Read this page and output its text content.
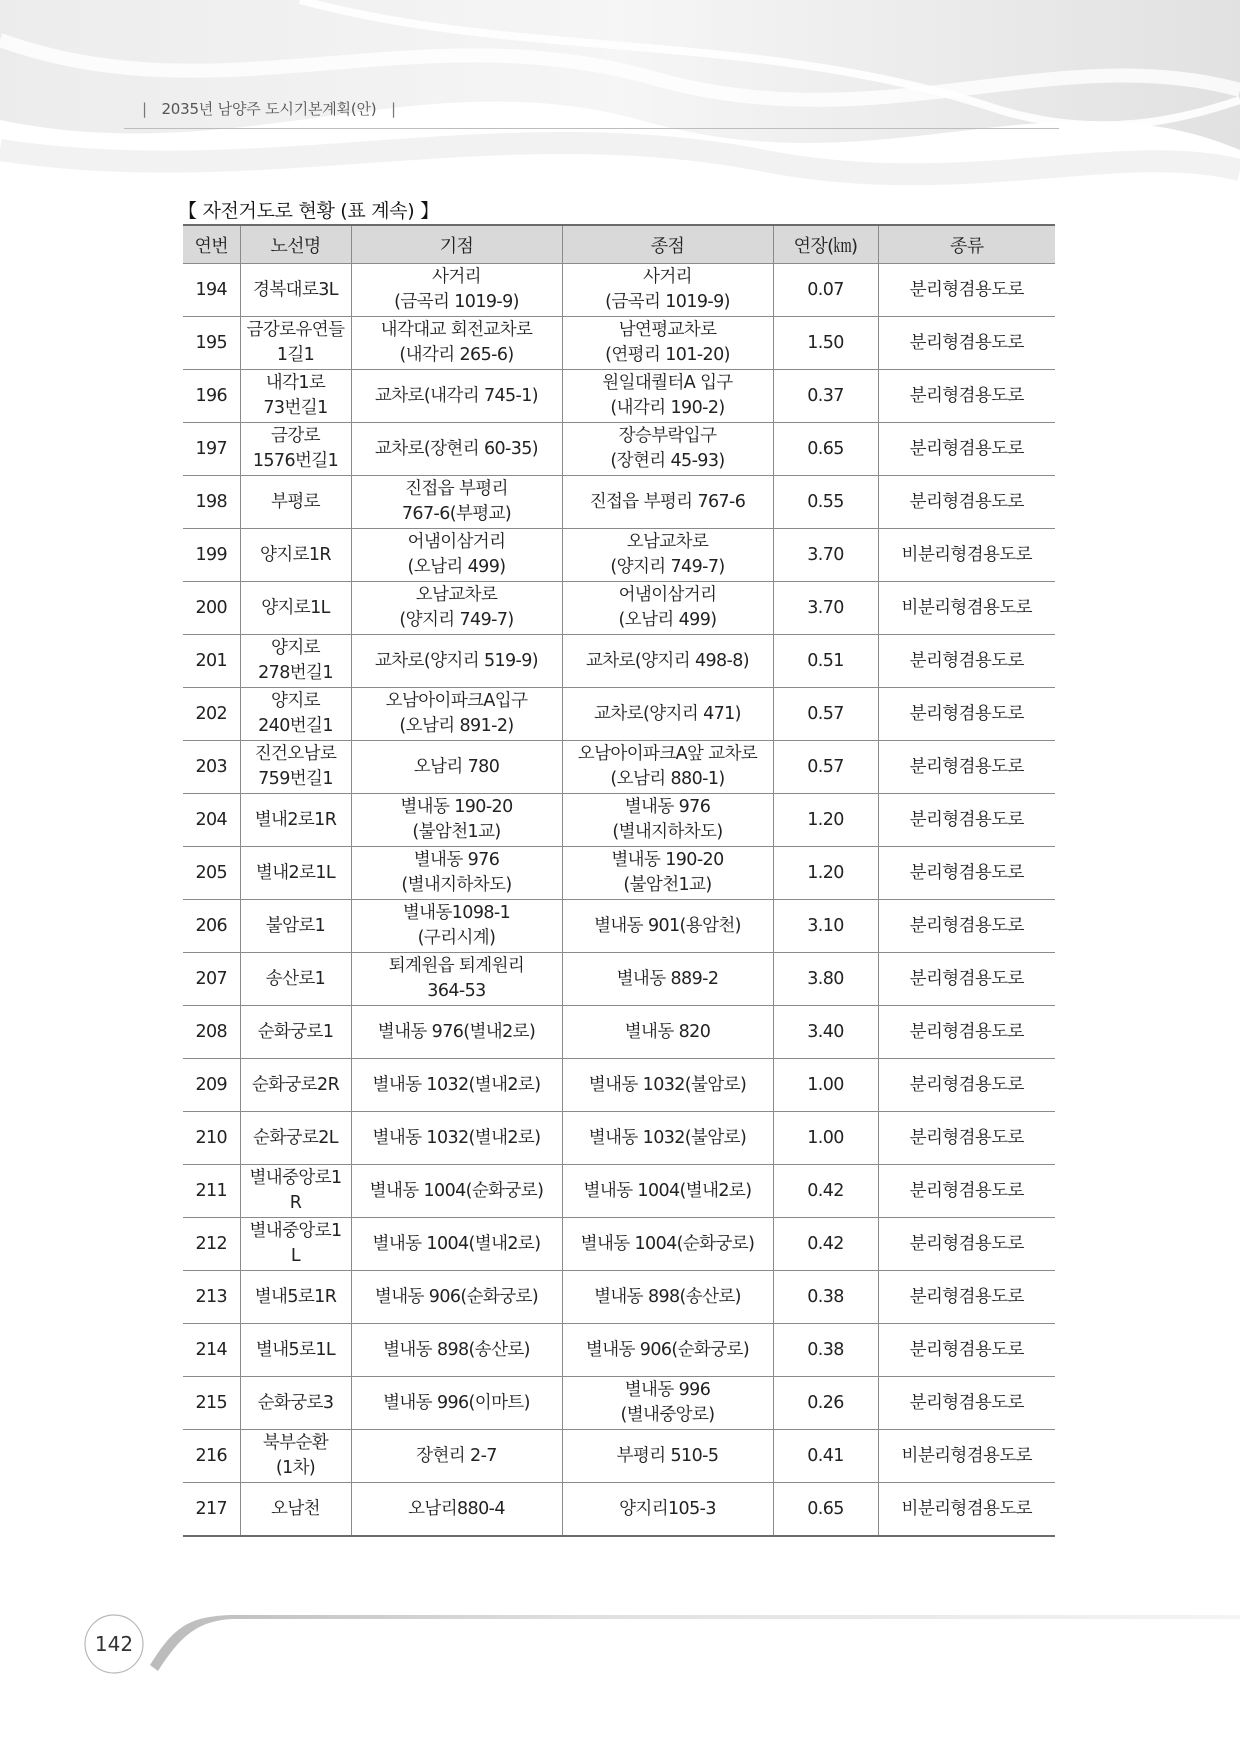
| 2035년 남양주 도시기본계획(안) |
【 자전거도로 현황 (표 계속) 】
연번	노선명	기점	종점	연장(㎞)	종류
194	경복대로3L	사거리
(금곡리 1019-9)	사거리
(금곡리 1019-9)	0.07	분리형겸용도로
195	금강로유연들
1길1	내각대교 회전교차로
(내각리 265-6)	남연평교차로
(연평리 101-20)	1.50	분리형겸용도로
196	내각1로
73번길1	교차로(내각리 745-1)	원일대퀄터A 입구
(내각리 190-2)	0.37	분리형겸용도로
197	금강로
1576번길1	교차로(장현리 60-35)	장승부락입구
(장현리 45-93)	0.65	분리형겸용도로
198	부평로	진접읍 부평리
767-6(부평교)	진접읍 부평리 767-6	0.55	분리형겸용도로
199	양지로1R	어냄이삼거리
(오남리 499)	오남교차로
(양지리 749-7)	3.70	비분리형겸용도로
200	양지로1L	오남교차로
(양지리 749-7)	어냄이삼거리
(오남리 499)	3.70	비분리형겸용도로
201	양지로
278번길1	교차로(양지리 519-9)	교차로(양지리 498-8)	0.51	분리형겸용도로
202	양지로
240번길1	오남아이파크A입구
(오남리 891-2)	교차로(양지리 471)	0.57	분리형겸용도로
203	진건오남로
759번길1	오남리 780	오남아이파크A앞 교차로
(오남리 880-1)	0.57	분리형겸용도로
204	별내2로1R	별내동 190-20
(불암천1교)	별내동 976
(별내지하차도)	1.20	분리형겸용도로
205	별내2로1L	별내동 976
(별내지하차도)	별내동 190-20
(불암천1교)	1.20	분리형겸용도로
206	불암로1	별내동1098-1
(구리시계)	별내동 901(용암천)	3.10	분리형겸용도로
207	송산로1	퇴계원읍 퇴계원리
364-53	별내동 889-2	3.80	분리형겸용도로
208	순화궁로1	별내동 976(별내2로)	별내동 820	3.40	분리형겸용도로
209	순화궁로2R	별내동 1032(별내2로)	별내동 1032(불암로)	1.00	분리형겸용도로
210	순화궁로2L	별내동 1032(별내2로)	별내동 1032(불암로)	1.00	분리형겸용도로
211	별내중앙로1
R	별내동 1004(순화궁로)	별내동 1004(별내2로)	0.42	분리형겸용도로
212	별내중앙로1
L	별내동 1004(별내2로)	별내동 1004(순화궁로)	0.42	분리형겸용도로
213	별내5로1R	별내동 906(순화궁로)	별내동 898(송산로)	0.38	분리형겸용도로
214	별내5로1L	별내동 898(송산로)	별내동 906(순화궁로)	0.38	분리형겸용도로
215	순화궁로3	별내동 996(이마트)	별내동 996
(별내중앙로)	0.26	분리형겸용도로
216	북부순환
(1차)	장현리 2-7	부평리 510-5	0.41	비분리형겸용도로
217	오남천	오남리880-4	양지리105-3	0.65	비분리형겸용도로
142
